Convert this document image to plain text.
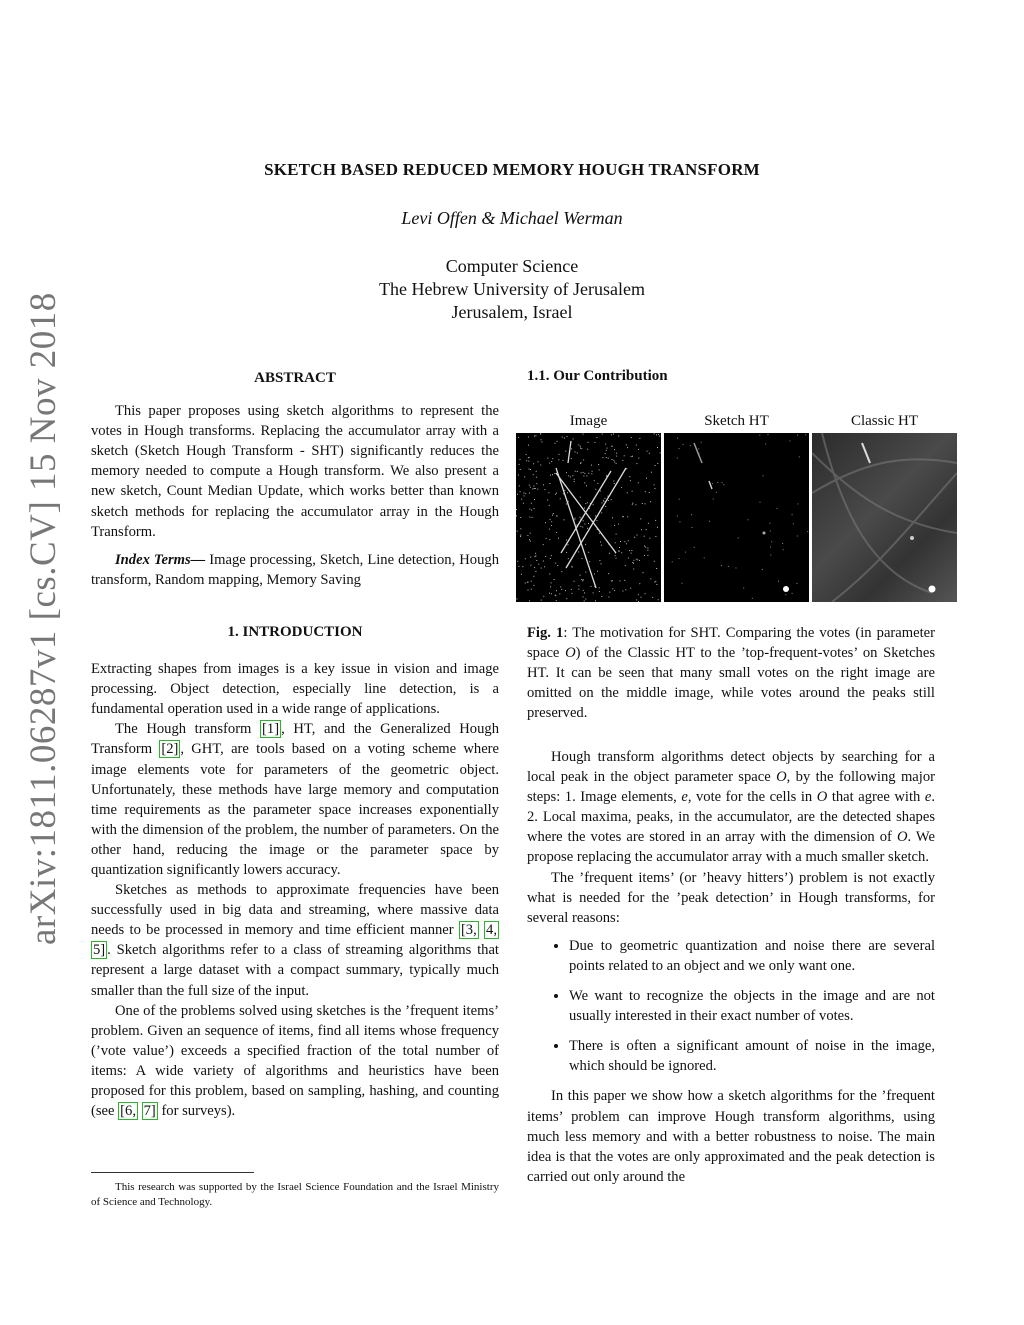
arXiv:1811.06287v1 [cs.CV] 15 Nov 2018
SKETCH BASED REDUCED MEMORY HOUGH TRANSFORM
Levi Offen & Michael Werman
Computer Science
The Hebrew University of Jerusalem
Jerusalem, Israel
ABSTRACT

This paper proposes using sketch algorithms to represent the votes in Hough transforms. Replacing the accumulator array with a sketch (Sketch Hough Transform - SHT) significantly reduces the memory needed to compute a Hough transform. We also present a new sketch, Count Median Update, which works better than known sketch methods for replacing the accumulator array in the Hough Transform.

Index Terms— Image processing, Sketch, Line detection, Hough transform, Random mapping, Memory Saving

1. INTRODUCTION

Extracting shapes from images is a key issue in vision and image processing. Object detection, especially line detection, is a fundamental operation used in a wide range of applications.

The Hough transform [1] , HT, and the Generalized Hough Transform [2] , GHT, are tools based on a voting scheme where image elements vote for parameters of the geometric object. Unfortunately, these methods have large memory and computation time requirements as the parameter space increases exponentially with the dimension of the problem, the number of parameters. On the other hand, reducing the image or the parameter space by quantization significantly lowers accuracy.

Sketches as methods to approximate frequencies have been successfully used in big data and streaming, where massive data needs to be processed in memory and time efficient manner [3, 4, 5] . Sketch algorithms refer to a class of streaming algorithms that represent a large dataset with a compact summary, typically much smaller than the full size of the input.

One of the problems solved using sketches is the ’frequent items’ problem. Given an sequence of items, find all items whose frequency (’vote value’) exceeds a specified fraction of the total number of items: A wide variety of algorithms and heuristics have been proposed for this problem, based on sampling, hashing, and counting (see [6, 7] for surveys).

This research was supported by the Israel Science Foundation and the Israel Ministry of Science and Technology.
1.1. Our Contribution
Image	Sketch HT	Classic HT

Fig. 1: The motivation for SHT. Comparing the votes (in parameter space O) of the Classic HT to the ’top-frequent-votes’ on Sketches HT. It can be seen that many small votes on the right image are omitted on the middle image, while votes around the peaks still preserved.

Hough transform algorithms detect objects by searching for a local peak in the object parameter space O, by the following major steps: 1. Image elements, e, vote for the cells in O that agree with e. 2. Local maxima, peaks, in the accumulator, are the detected shapes where the votes are stored in an array with the dimension of O. We propose replacing the accumulator array with a much smaller sketch.

The ’frequent items’ (or ’heavy hitters’) problem is not exactly what is needed for the ’peak detection’ in Hough transforms, for several reasons:

• Due to geometric quantization and noise there are several points related to an object and we only want one.
• We want to recognize the objects in the image and are not usually interested in their exact number of votes.
• There is often a significant amount of noise in the image, which should be ignored.

In this paper we show how a sketch algorithms for the ’frequent items’ problem can improve Hough transform algorithms, using much less memory and with a better robustness to noise. The main idea is that the votes are only approximated and the peak detection is carried out only around the
